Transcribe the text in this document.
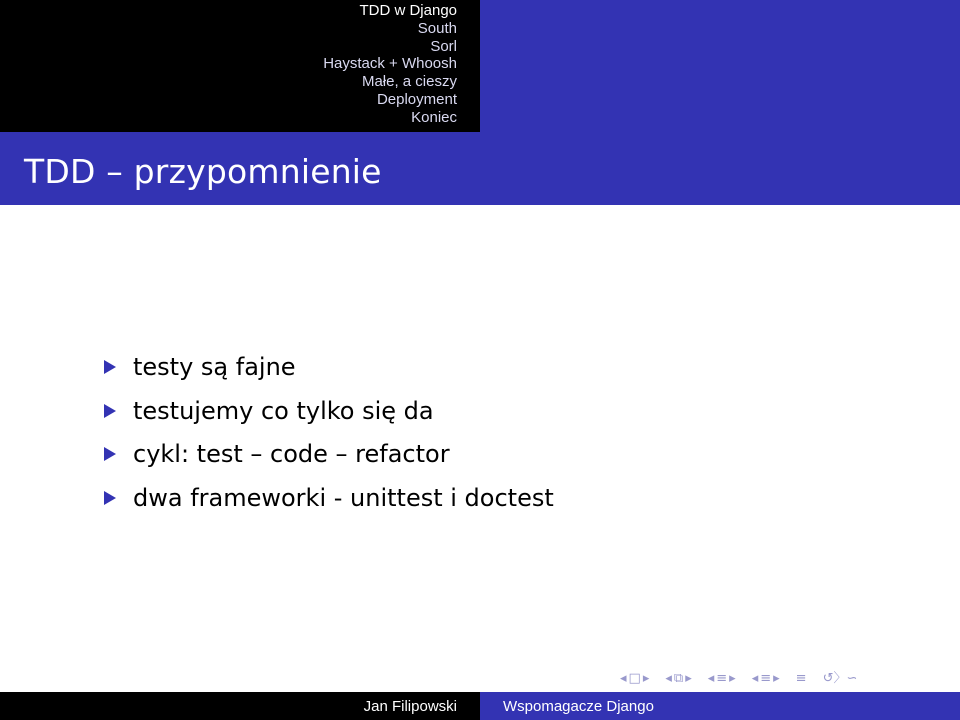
TDD w Django
South
Sorl
Haystack + Whoosh
Małe, a cieszy
Deployment
Koniec
TDD – przypomnienie
testy są fajne
testujemy co tylko się da
cykl: test – code – refactor
dwa frameworki - unittest i doctest
◂ □ ▸ ◂ ⧉ ▸ ◂ ≡ ▸ ◂ ≡ ▸ ≡ ↺〉∽
Jan Filipowski	Wspomagacze Django
